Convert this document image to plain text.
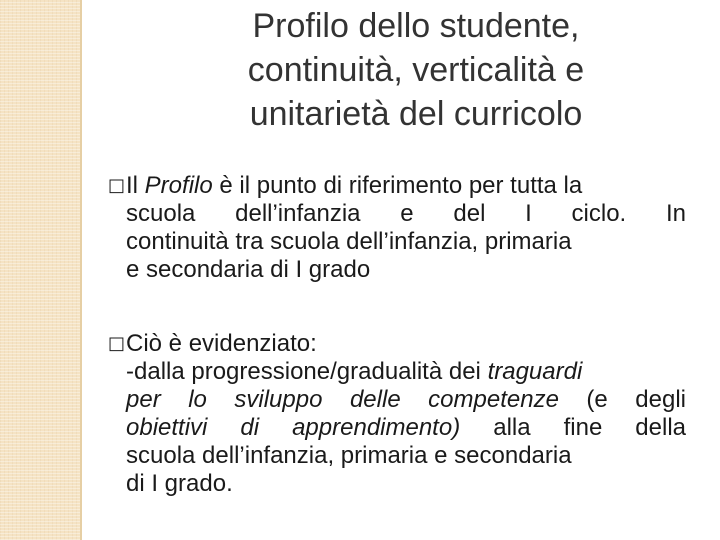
Profilo dello studente,
continuità, verticalità e
unitarietà del curricolo
□Il Profilo è il punto di riferimento per tutta la
scuola dell’infanzia e del I ciclo. In
continuità tra scuola dell’infanzia, primaria
e secondaria di I grado
□Ciò è evidenziato:
-dalla progressione/gradualità dei traguardi
per lo sviluppo delle competenze (e degli
obiettivi di apprendimento) alla fine della
scuola dell’infanzia, primaria e secondaria
di I grado.
